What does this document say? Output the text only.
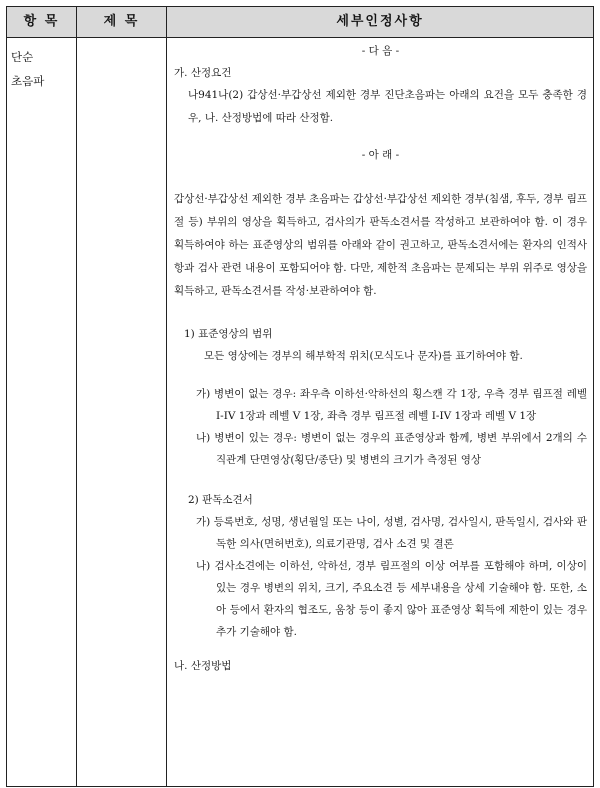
항 목	제 목	세부인정사항
단순
초음파

- 다 음 -

가. 산정요건

나941나(2) 갑상선·부갑상선 제외한 경부 진단초음파는 아래의 요건을 모두 충족한 경우, 나. 산정방법에 따라 산정함.

- 아 래 -

갑상선·부갑상선 제외한 경부 초음파는 갑상선·부갑상선 제외한 경부(침샘, 후두, 경부 림프절 등) 부위의 영상을 획득하고, 검사의가 판독소견서를 작성하고 보관하여야 함. 이 경우 획득하여야 하는 표준영상의 범위를 아래와 같이 권고하고, 판독소견서에는 환자의 인적사항과 검사 관련 내용이 포함되어야 함. 다만, 제한적 초음파는 문제되는 부위 위주로 영상을 획득하고, 판독소견서를 작성·보관하여야 함.

1) 표준영상의 범위

모든 영상에는 경부의 해부학적 위치(모식도나 문자)를 표기하여야 함.

가) 병변이 없는 경우: 좌우측 이하선·악하선의 횡스캔 각 1장, 우측 경부 림프절 레벨 I-IV 1장과 레벨 V 1장, 좌측 경부 림프절 레벨 I-IV 1장과 레벨 V 1장

나) 병변이 있는 경우: 병변이 없는 경우의 표준영상과 함께, 병변 부위에서 2개의 수직관계 단면영상(횡단/종단) 및 병변의 크기가 측정된 영상

2) 판독소견서

가) 등록번호, 성명, 생년월일 또는 나이, 성별, 검사명, 검사일시, 판독일시, 검사와 판독한 의사(면허번호), 의료기관명, 검사 소견 및 결론

나) 검사소견에는 이하선, 악하선, 경부 림프절의 이상 여부를 포함해야 하며, 이상이 있는 경우 병변의 위치, 크기, 주요소견 등 세부내용을 상세 기술해야 함. 또한, 소아 등에서 환자의 협조도, 움창 등이 좋지 않아 표준영상 획득에 제한이 있는 경우 추가 기술해야 함.

나. 산정방법
